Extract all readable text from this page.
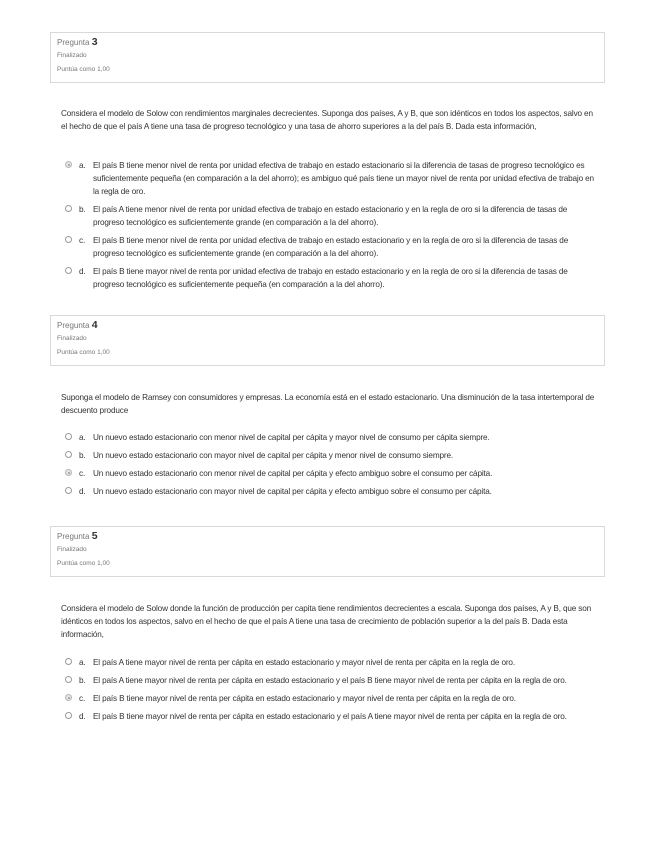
Pregunta 3
Finalizado
Puntúa como 1,00
Considera el modelo de Solow con rendimientos marginales decrecientes. Suponga dos países, A y B, que son idénticos en todos los aspectos, salvo en el hecho de que el país A tiene una tasa de progreso tecnológico y una tasa de ahorro superiores a la del país B. Dada esta información,
a. El país B tiene menor nivel de renta por unidad efectiva de trabajo en estado estacionario si la diferencia de tasas de progreso tecnológico es suficientemente pequeña (en comparación a la del ahorro); es ambiguo qué país tiene un mayor nivel de renta por unidad efectiva de trabajo en la regla de oro.
b. El país A tiene menor nivel de renta por unidad efectiva de trabajo en estado estacionario y en la regla de oro si la diferencia de tasas de progreso tecnológico es suficientemente grande (en comparación a la del ahorro).
c. El país B tiene menor nivel de renta por unidad efectiva de trabajo en estado estacionario y en la regla de oro si la diferencia de tasas de progreso tecnológico es suficientemente grande (en comparación a la del ahorro).
d. El país B tiene mayor nivel de renta por unidad efectiva de trabajo en estado estacionario y en la regla de oro si la diferencia de tasas de progreso tecnológico es suficientemente pequeña (en comparación a la del ahorro).
Pregunta 4
Finalizado
Puntúa como 1,00
Suponga el modelo de Ramsey con consumidores y empresas. La economía está en el estado estacionario. Una disminución de la tasa intertemporal de descuento produce
a. Un nuevo estado estacionario con menor nivel de capital per cápita y mayor nivel de consumo per cápita siempre.
b. Un nuevo estado estacionario con mayor nivel de capital per cápita y menor nivel de consumo siempre.
c. Un nuevo estado estacionario con menor nivel de capital per cápita y efecto ambiguo sobre el consumo per cápita.
d. Un nuevo estado estacionario con mayor nivel de capital per cápita y efecto ambiguo sobre el consumo per cápita.
Pregunta 5
Finalizado
Puntúa como 1,00
Considera el modelo de Solow donde la función de producción per capita tiene rendimientos decrecientes a escala. Suponga dos países, A y B, que son idénticos en todos los aspectos, salvo en el hecho de que el país A tiene una tasa de crecimiento de población superior a la del país B. Dada esta información,
a. El país A tiene mayor nivel de renta per cápita en estado estacionario y mayor nivel de renta per cápita en la regla de oro.
b. El país A tiene mayor nivel de renta per cápita en estado estacionario y el país B tiene mayor nivel de renta per cápita en la regla de oro.
c. El país B tiene mayor nivel de renta per cápita en estado estacionario y mayor nivel de renta per cápita en la regla de oro.
d. El país B tiene mayor nivel de renta per cápita en estado estacionario y el país A tiene mayor nivel de renta per cápita en la regla de oro.
